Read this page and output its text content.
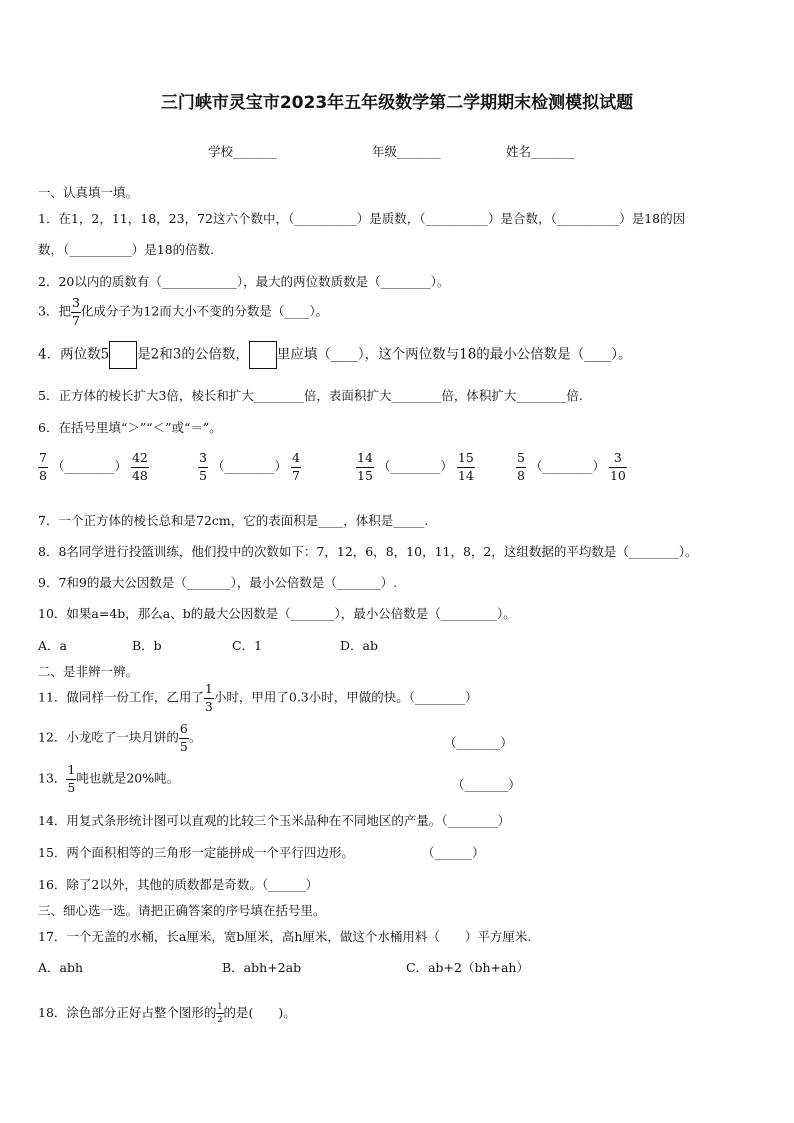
三门峡市灵宝市2023年五年级数学第二学期期末检测模拟试题
学校_______	年级_______	姓名_______
一、认真填一填。
1．在1，2，11，18，23，72这六个数中，（__________）是质数，（__________）是合数，（__________）是18的因
数，（__________）是18的倍数.
2．20以内的质数有（____________），最大的两位数质数是（________）。
3．把 $\frac{3}{7}$ 化成分子为12而大小不变的分数是（____）。
4．两位数5 是2和3的公倍数， 里应填（____），这个两位数与18的最小公倍数是（____）。
5．正方体的棱长扩大3倍，棱长和扩大________倍，表面积扩大________倍，体积扩大________倍.
6．在括号里填“＞”“＜”或“＝”。
$\frac{7}{8}$ （________） $\frac{42}{48}$	$\frac{3}{5}$ （________） $\frac{4}{7}$	$\frac{14}{15}$ （________） $\frac{15}{14}$	$\frac{5}{8}$ （________） $\frac{3}{10}$
7．一个正方体的棱长总和是72cm，它的表面积是____，体积是_____.
8．8名同学进行投篮训练，他们投中的次数如下：7，12，6，8，10，11，8，2，这组数据的平均数是（________）。
9．7和9的最大公因数是（_______），最小公倍数是（_______）.
10．如果a=4b，那么a、b的最大公因数是（_______），最小公倍数是（_________）。
A．a	B．b	C．1	D．ab
二、是非辨一辨。
11．做同样一份工作，乙用了 $\frac{1}{3}$ 小时，甲用了0.3小时，甲做的快。（________）
12．小龙吃了一块月饼的 $\frac{6}{5}$ 。	（_______）
13． $\frac{1}{5}$ 吨也就是20%吨。	（_______）
14．用复式条形统计图可以直观的比较三个玉米品种在不同地区的产量。（________）
15．两个面积相等的三角形一定能拼成一个平行四边形。	（______）
16．除了2以外，其他的质数都是奇数。（______）
三、细心选一选。请把正确答案的序号填在括号里。
17．一个无盖的水桶，长a厘米，宽b厘米，高h厘米，做这个水桶用料（　　）平方厘米.
A．abh	B．abh+2ab	C．ab+2（bh+ah）
18．涂色部分正好占整个图形的 $\frac{1}{2}$ 的是(　　)。
